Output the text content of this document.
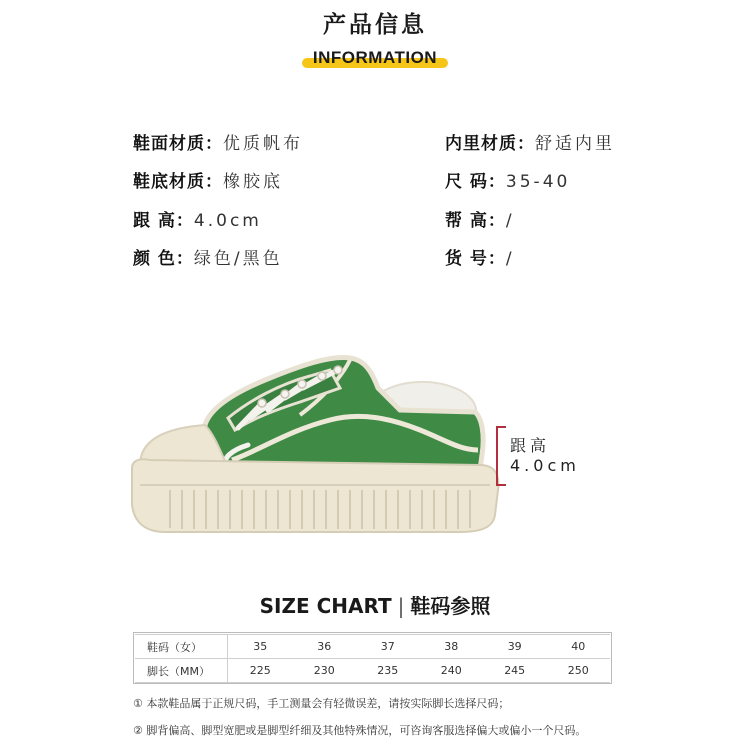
产品信息
INFORMATION
鞋面材质：优质帆布
鞋底材质：橡胶底
跟 高：4.0cm
颜 色：绿色/黑色
内里材质：舒适内里
尺 码：35-40
帮 高：/
货 号：/
跟高
4.0cm
SIZE CHART | 鞋码参照
鞋码（女）	35	36	37	38	39	40
脚长（MM）	225	230	235	240	245	250
① 本款鞋品属于正规尺码，手工测量会有轻微误差，请按实际脚长选择尺码；
② 脚背偏高、脚型宽肥或是脚型纤细及其他特殊情况，可咨询客服选择偏大或偏小一个尺码。
